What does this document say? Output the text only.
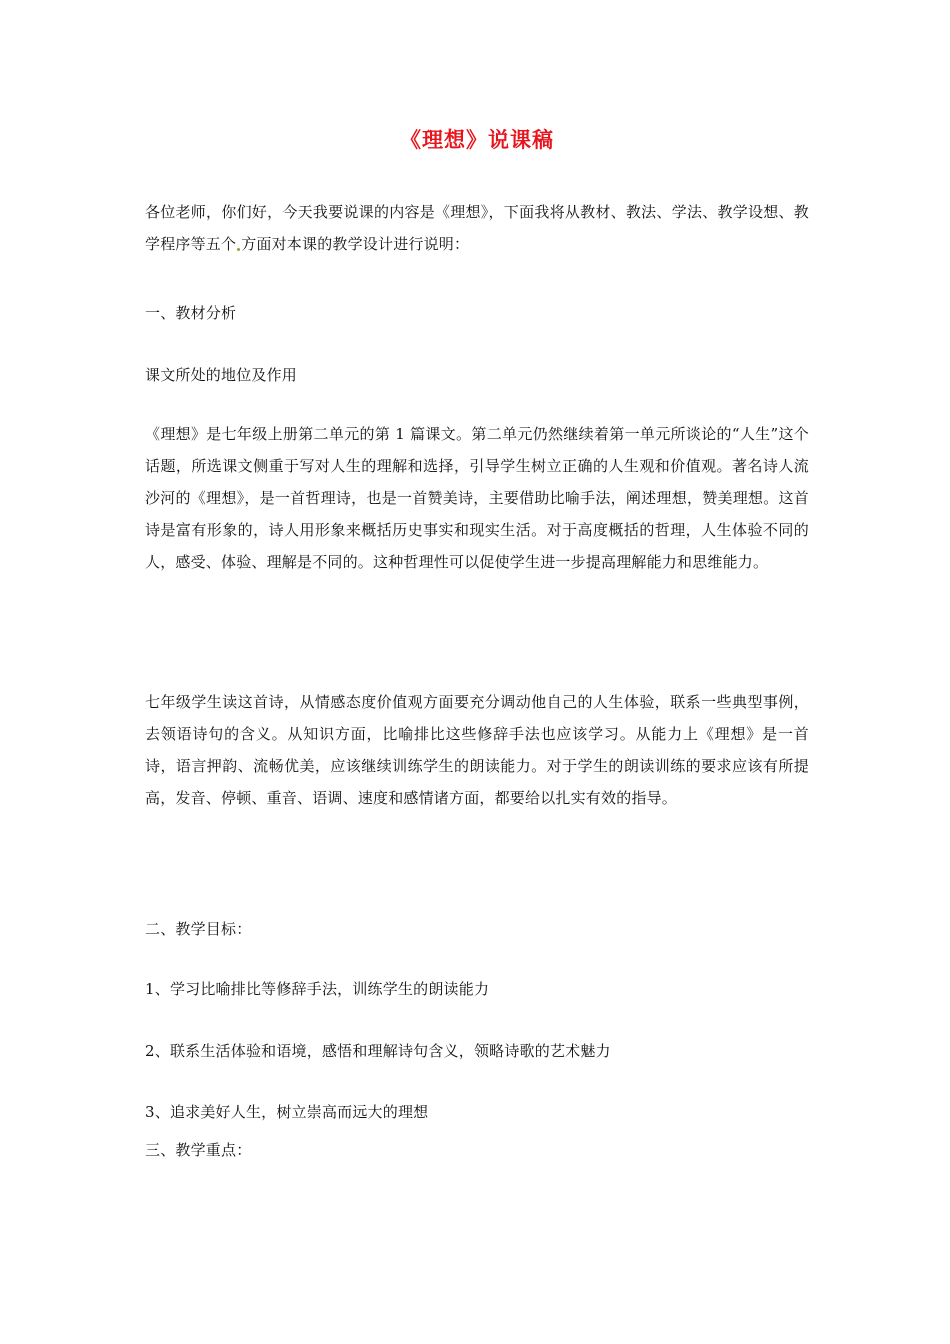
《理想》说课稿

各位老师，你们好，今天我要说课的内容是《理想》，下面我将从教材、教法、学法、教学设想、教学程序等五个 方面对本课的教学设计进行说明：

一、教材分析

课文所处的地位及作用

《理想》是七年级上册第二单元的第 1 篇课文。第二单元仍然继续着第一单元所谈论的“人生”这个话题，所选课文侧重于写对人生的理解和选择，引导学生树立正确的人生观和价值观。著名诗人流沙河的《理想》，是一首哲理诗，也是一首赞美诗，主要借助比喻手法，阐述理想，赞美理想。这首诗是富有形象的，诗人用形象来概括历史事实和现实生活。对于高度概括的哲理，人生体验不同的人，感受、体验、理解是不同的。这种哲理性可以促使学生进一步提高理解能力和思维能力。

七年级学生读这首诗，从情感态度价值观方面要充分调动他自己的人生体验，联系一些典型事例，去领语诗句的含义。从知识方面，比喻排比这些修辞手法也应该学习。从能力上《理想》是一首诗，语言押韵、流畅优美，应该继续训练学生的朗读能力。对于学生的朗读训练的要求应该有所提高，发音、停顿、重音、语调、速度和感情诸方面，都要给以扎实有效的指导。

二、教学目标：

1、学习比喻排比等修辞手法，训练学生的朗读能力

2、联系生活体验和语境，感悟和理解诗句含义，领略诗歌的艺术魅力

3、追求美好人生，树立崇高而远大的理想

三、教学重点：
